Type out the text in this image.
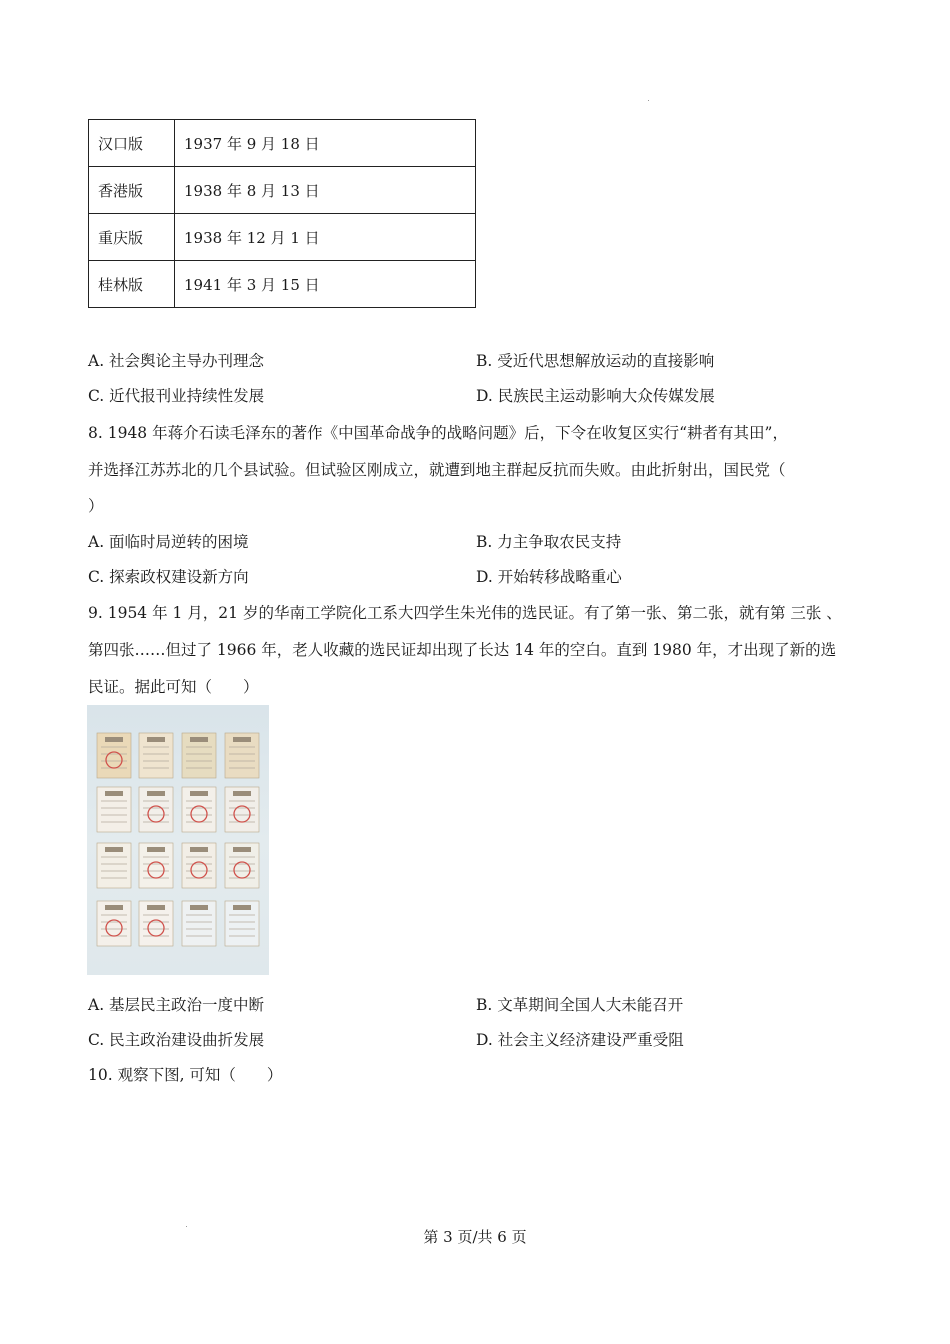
汉口版	1937 年 9 月 18 日
香港版	1938 年 8 月 13 日
重庆版	1938 年 12 月 1 日
桂林版	1941 年 3 月 15 日
A. 社会舆论主导办刊理念	B. 受近代思想解放运动的直接影响
C. 近代报刊业持续性发展	D. 民族民主运动影响大众传媒发展
8. 1948 年蒋介石读毛泽东的著作《中国革命战争的战略问题》后，下令在收复区实行“耕者有其田”，
并选择江苏苏北的几个县试验。但试验区刚成立，就遭到地主群起反抗而失败。由此折射出，国民党（
）
A. 面临时局逆转的困境	B. 力主争取农民支持
C. 探索政权建设新方向	D. 开始转移战略重心
9. 1954 年 1 月，21 岁的华南工学院化工系大四学生朱光伟的选民证。有了第一张、第二张，就有第 三张 、
第四张……但过了 1966 年，老人收藏的选民证却出现了长达 14 年的空白。直到 1980 年，才出现了新的选
民证。据此可知（　　）
A. 基层民主政治一度中断	B. 文革期间全国人大未能召开
C. 民主政治建设曲折发展	D. 社会主义经济建设严重受阻
10. 观察下图, 可知（　　）
第 3 页/共 6 页
